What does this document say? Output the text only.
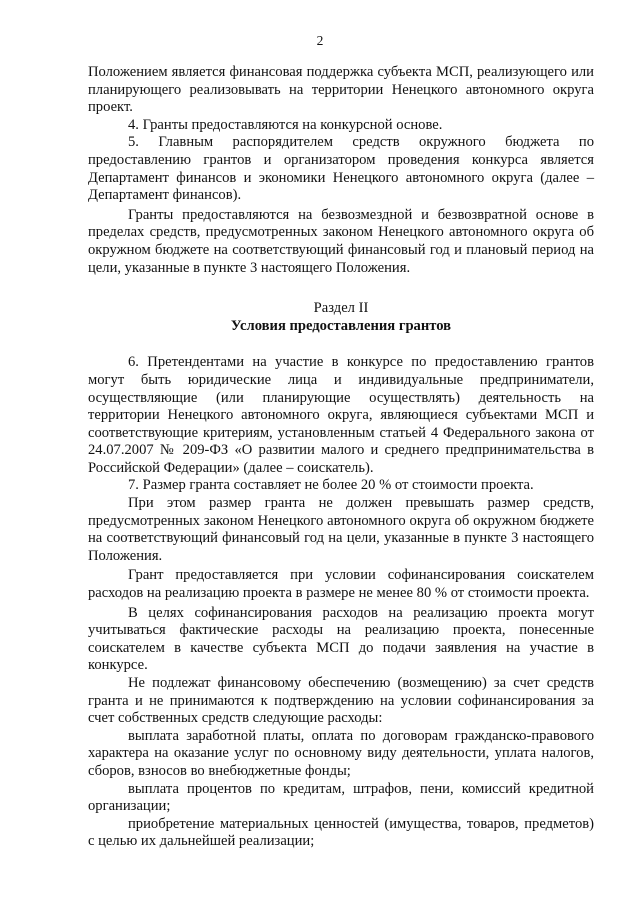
2

Положением является финансовая поддержка субъекта МСП, реализующего или планирующего реализовывать на территории Ненецкого автономного округа проект.

4. Гранты предоставляются на конкурсной основе.

5. Главным распорядителем средств окружного бюджета по предоставлению грантов и организатором проведения конкурса является Департамент финансов и экономики Ненецкого автономного округа (далее – Департамент финансов).

Гранты предоставляются на безвозмездной и безвозвратной основе в пределах средств, предусмотренных законом Ненецкого автономного округа об окружном бюджете на соответствующий финансовый год и плановый период на цели, указанные в пункте 3 настоящего Положения.

Раздел II
Условия предоставления грантов

6. Претендентами на участие в конкурсе по предоставлению грантов могут быть юридические лица и индивидуальные предприниматели, осуществляющие (или планирующие осуществлять) деятельность на территории Ненецкого автономного округа, являющиеся субъектами МСП и соответствующие критериям, установленным статьей 4 Федерального закона от 24.07.2007 № 209-ФЗ «О развитии малого и среднего предпринимательства в Российской Федерации» (далее – соискатель).

7. Размер гранта составляет не более 20 % от стоимости проекта.

При этом размер гранта не должен превышать размер средств, предусмотренных законом Ненецкого автономного округа об окружном бюджете на соответствующий финансовый год на цели, указанные в пункте 3 настоящего Положения.

Грант предоставляется при условии софинансирования соискателем расходов на реализацию проекта в размере не менее 80 % от стоимости проекта.

В целях софинансирования расходов на реализацию проекта могут учитываться фактические расходы на реализацию проекта, понесенные соискателем в качестве субъекта МСП до подачи заявления на участие в конкурсе.

Не подлежат финансовому обеспечению (возмещению) за счет средств гранта и не принимаются к подтверждению на условии софинансирования за счет собственных средств следующие расходы:

выплата заработной платы, оплата по договорам гражданско-правового характера на оказание услуг по основному виду деятельности, уплата налогов, сборов, взносов во внебюджетные фонды;

выплата процентов по кредитам, штрафов, пени, комиссий кредитной организации;

приобретение материальных ценностей (имущества, товаров, предметов) с целью их дальнейшей реализации;
